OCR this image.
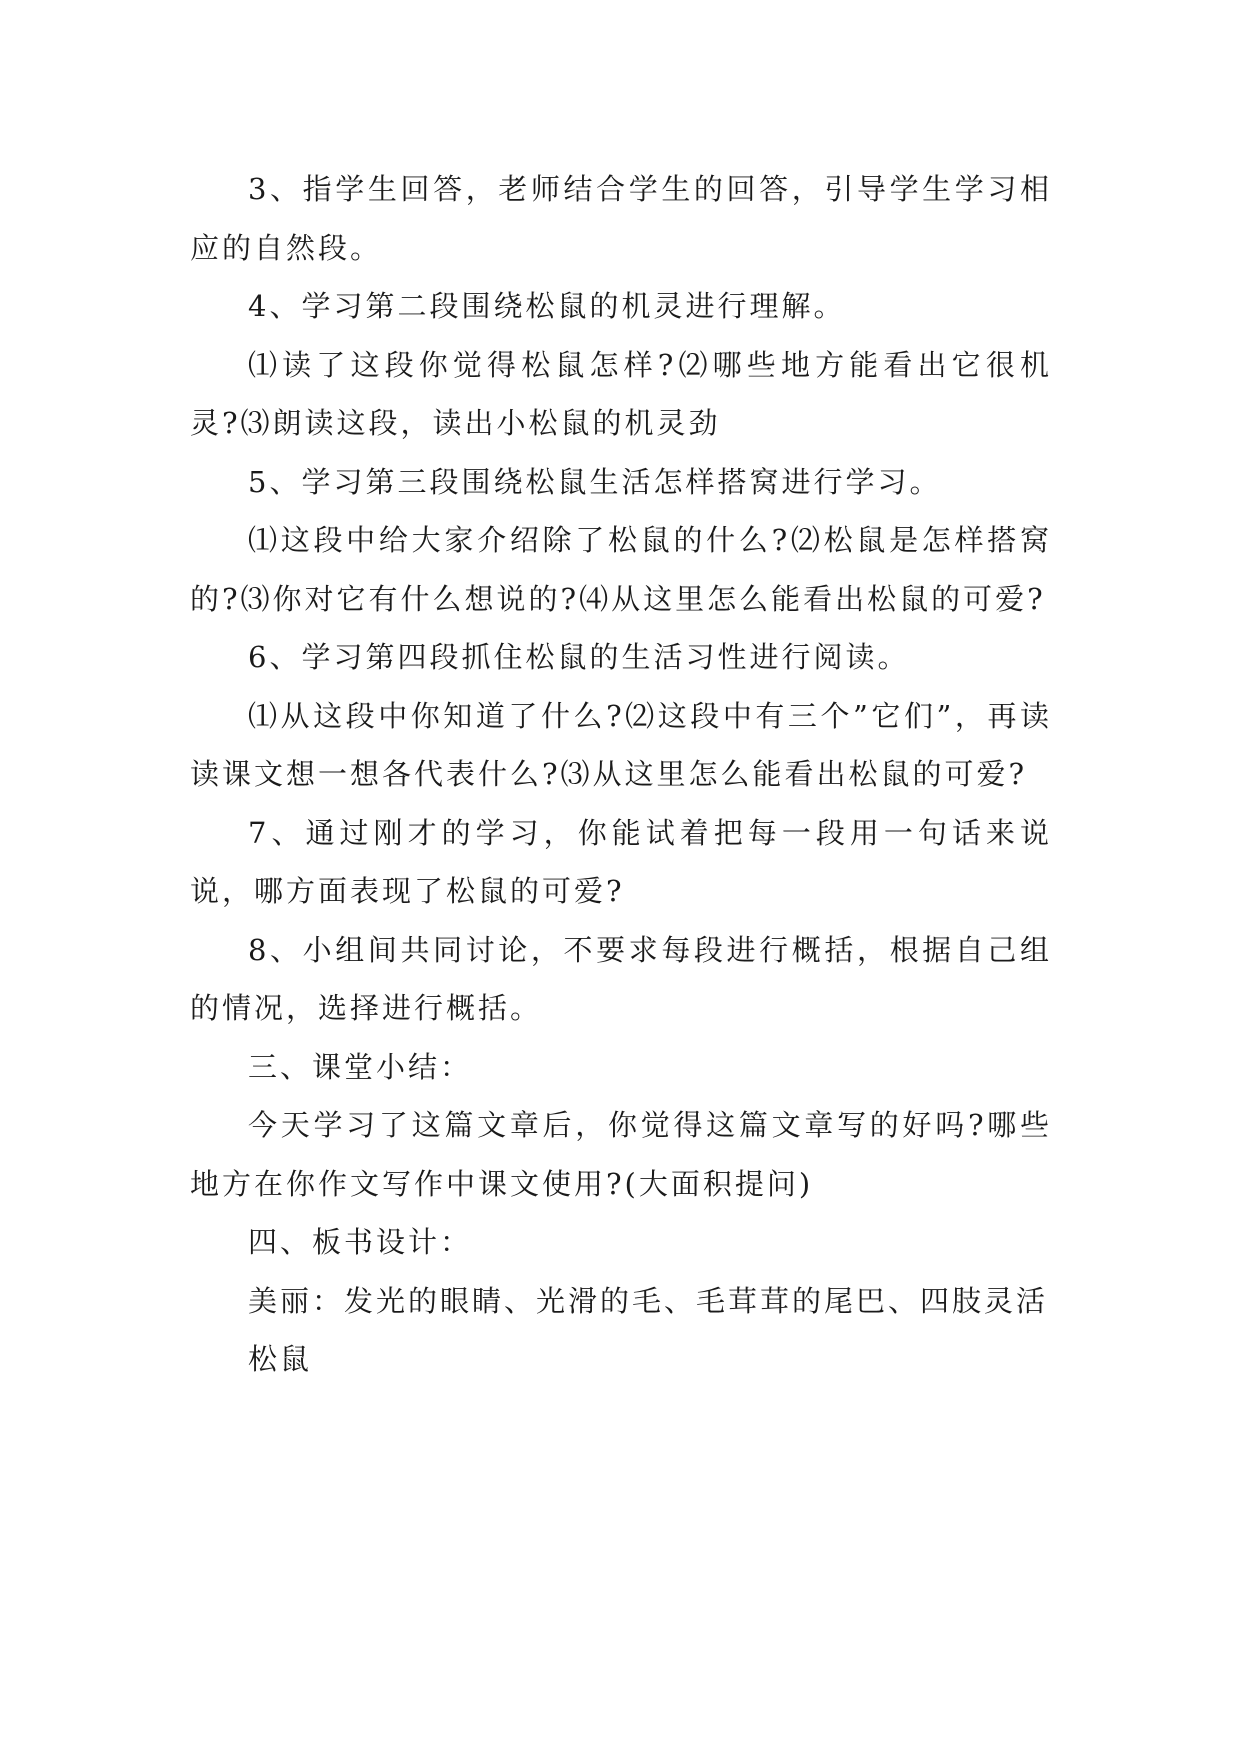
3、指学生回答，老师结合学生的回答，引导学生学习相应的自然段。

4、学习第二段围绕松鼠的机灵进行理解。

⑴读了这段你觉得松鼠怎样?⑵哪些地方能看出它很机灵?⑶朗读这段，读出小松鼠的机灵劲

5、学习第三段围绕松鼠生活怎样搭窝进行学习。

⑴这段中给大家介绍除了松鼠的什么?⑵松鼠是怎样搭窝的?⑶你对它有什么想说的?⑷从这里怎么能看出松鼠的可爱?

6、学习第四段抓住松鼠的生活习性进行阅读。

⑴从这段中你知道了什么?⑵这段中有三个”它们”，再读读课文想一想各代表什么?⑶从这里怎么能看出松鼠的可爱?

7、通过刚才的学习，你能试着把每一段用一句话来说说，哪方面表现了松鼠的可爱?

8、小组间共同讨论，不要求每段进行概括，根据自己组的情况，选择进行概括。

三、课堂小结：

今天学习了这篇文章后，你觉得这篇文章写的好吗?哪些地方在你作文写作中课文使用?(大面积提问)

四、板书设计：

美丽：发光的眼睛、光滑的毛、毛茸茸的尾巴、四肢灵活

松鼠
